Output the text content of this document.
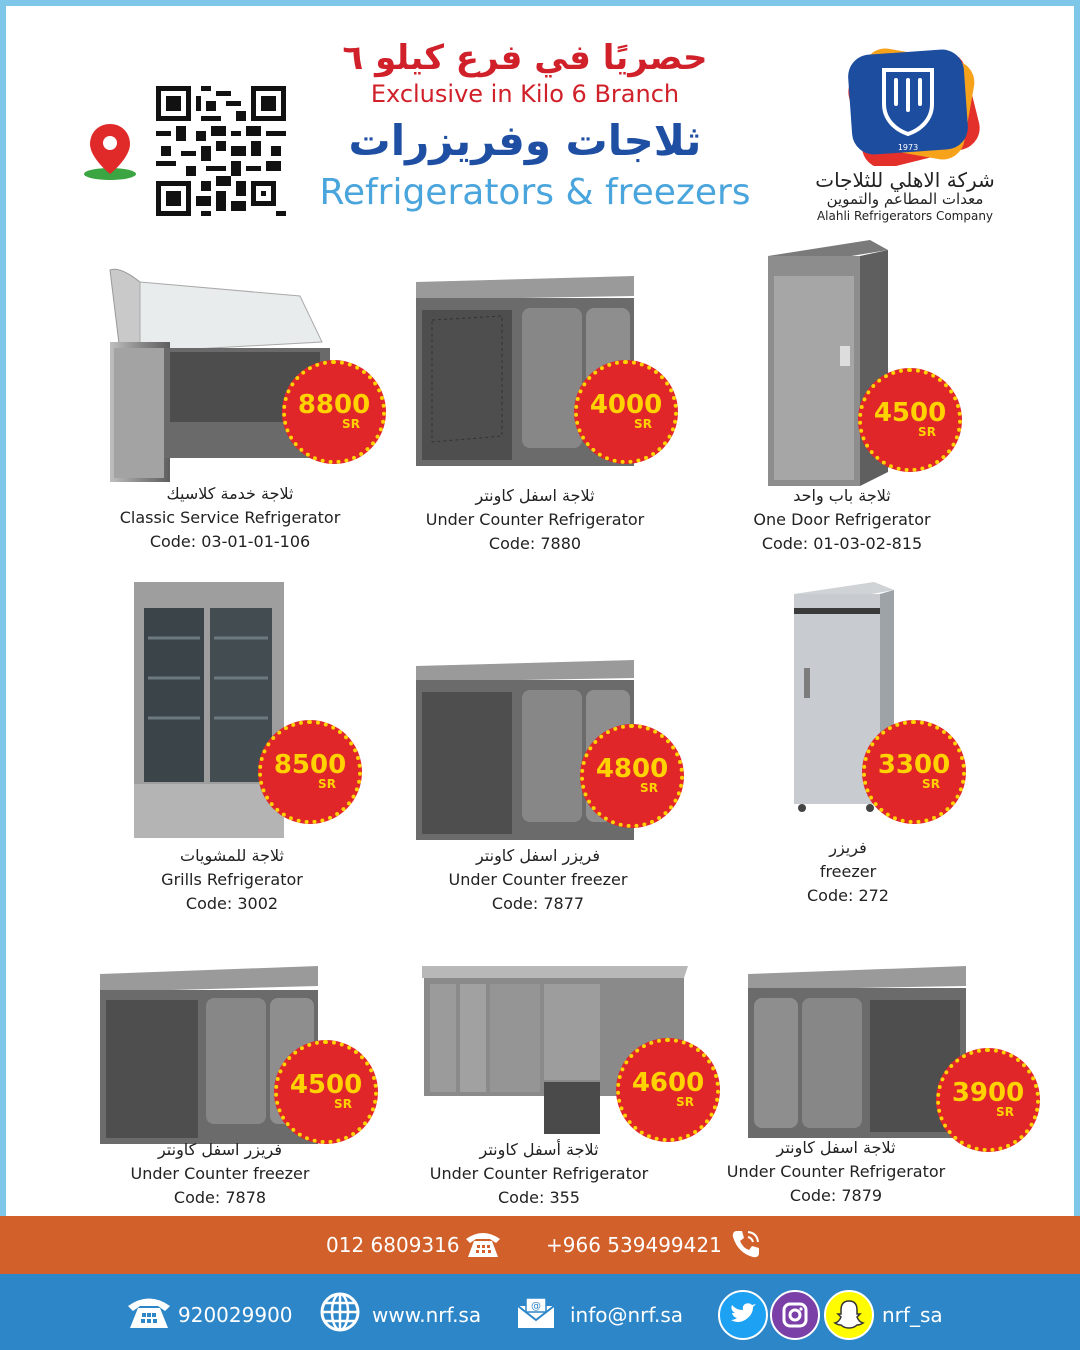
حصريًا في فرع كيلو ٦
Exclusive in Kilo 6 Branch
ثلاجات وفريزرات
Refrigerators & freezers
1973
شركة الاهلي للثلاجات
معدات المطاعم والتموين
Alahli Refrigerators Company
8800
SR
ثلاجة خدمة كلاسيك
Classic Service Refrigerator
Code: 03-01-01-106
4000
SR
ثلاجة اسفل كاونتر
Under Counter Refrigerator
Code: 7880
4500
SR
ثلاجة باب واحد
One Door Refrigerator
Code: 01-03-02-815
8500
SR
ثلاجة للمشويات
Grills Refrigerator
Code: 3002
4800
SR
فريزر اسفل كاونتر
Under Counter freezer
Code: 7877
3300
SR
فريزر
freezer
Code: 272
4500
SR
فريزر اسفل كاونتر
Under Counter freezer
Code: 7878
4600
SR
ثلاجة أسفل كاونتر
Under Counter Refrigerator
Code: 355
3900
SR
ثلاجة اسفل كاونتر
Under Counter Refrigerator
Code: 7879
012 6809316	+966 539499421
920029900	www.nrf.sa	@ info@nrf.sa	nrf_sa
